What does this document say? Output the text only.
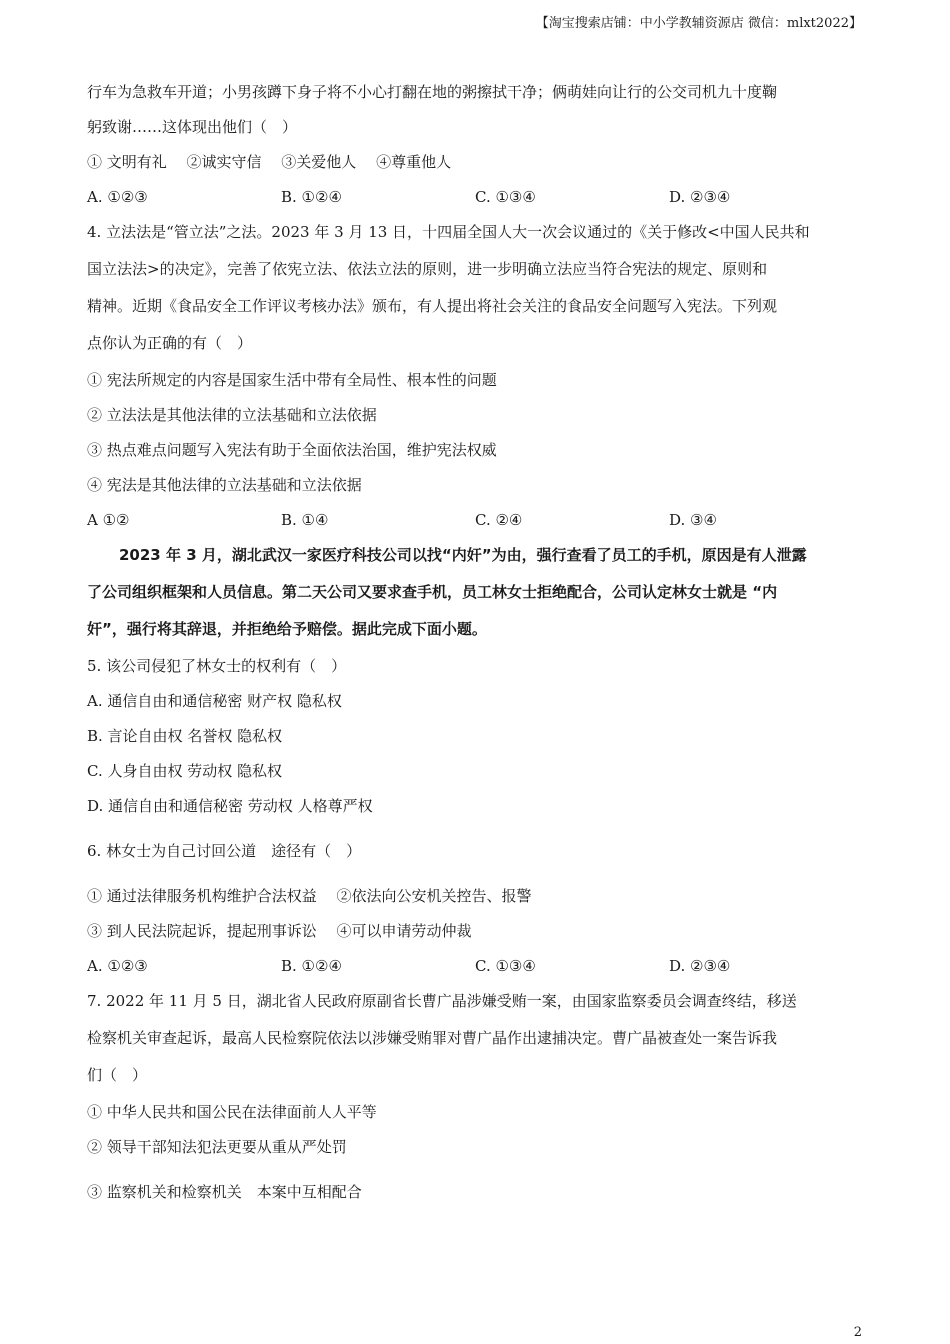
【淘宝搜索店铺：中小学教辅资源店 微信：mlxt2022】
行车为急救车开道；小男孩蹲下身子将不小心打翻在地的粥擦拭干净；俩萌娃向让行的公交司机九十度鞠
躬致谢……这体现出他们（　）
① 文明有礼　 ②诚实守信　 ③关爱他人　 ④尊重他人
A. ①②③	B. ①②④	C. ①③④	D. ②③④
4. 立法法是“管立法”之法。2023 年 3 月 13 日，十四届全国人大一次会议通过的《关于修改<中国人民共和
国立法法>的决定》，完善了依宪立法、依法立法的原则，进一步明确立法应当符合宪法的规定、原则和
精神。近期《食品安全工作评议考核办法》颁布，有人提出将社会关注的食品安全问题写入宪法。下列观
点你认为正确的有（　）
① 宪法所规定的内容是国家生活中带有全局性、根本性的问题
② 立法法是其他法律的立法基础和立法依据
③ 热点难点问题写入宪法有助于全面依法治国，维护宪法权威
④ 宪法是其他法律的立法基础和立法依据
A ①②	B. ①④	C. ②④	D. ③④
2023 年 3 月，湖北武汉一家医疗科技公司以找“内奸”为由，强行查看了员工的手机，原因是有人泄露
了公司组织框架和人员信息。第二天公司又要求查手机，员工林女士拒绝配合，公司认定林女士就是 “内
奸”，强行将其辞退，并拒绝给予赔偿。据此完成下面小题。
5. 该公司侵犯了林女士的权利有（　）
A. 通信自由和通信秘密 财产权 隐私权
B. 言论自由权 名誉权 隐私权
C. 人身自由权 劳动权 隐私权
D. 通信自由和通信秘密 劳动权 人格尊严权
6. 林女士为自己讨回公道　途径有（　）
① 通过法律服务机构维护合法权益　 ②依法向公安机关控告、报警
③ 到人民法院起诉，提起刑事诉讼　 ④可以申请劳动仲裁
A. ①②③	B. ①②④	C. ①③④	D. ②③④
7. 2022 年 11 月 5 日，湖北省人民政府原副省长曹广晶涉嫌受贿一案，由国家监察委员会调查终结，移送
检察机关审查起诉，最高人民检察院依法以涉嫌受贿罪对曹广晶作出逮捕决定。曹广晶被查处一案告诉我
们（　）
① 中华人民共和国公民在法律面前人人平等
② 领导干部知法犯法更要从重从严处罚
③ 监察机关和检察机关　本案中互相配合
2
